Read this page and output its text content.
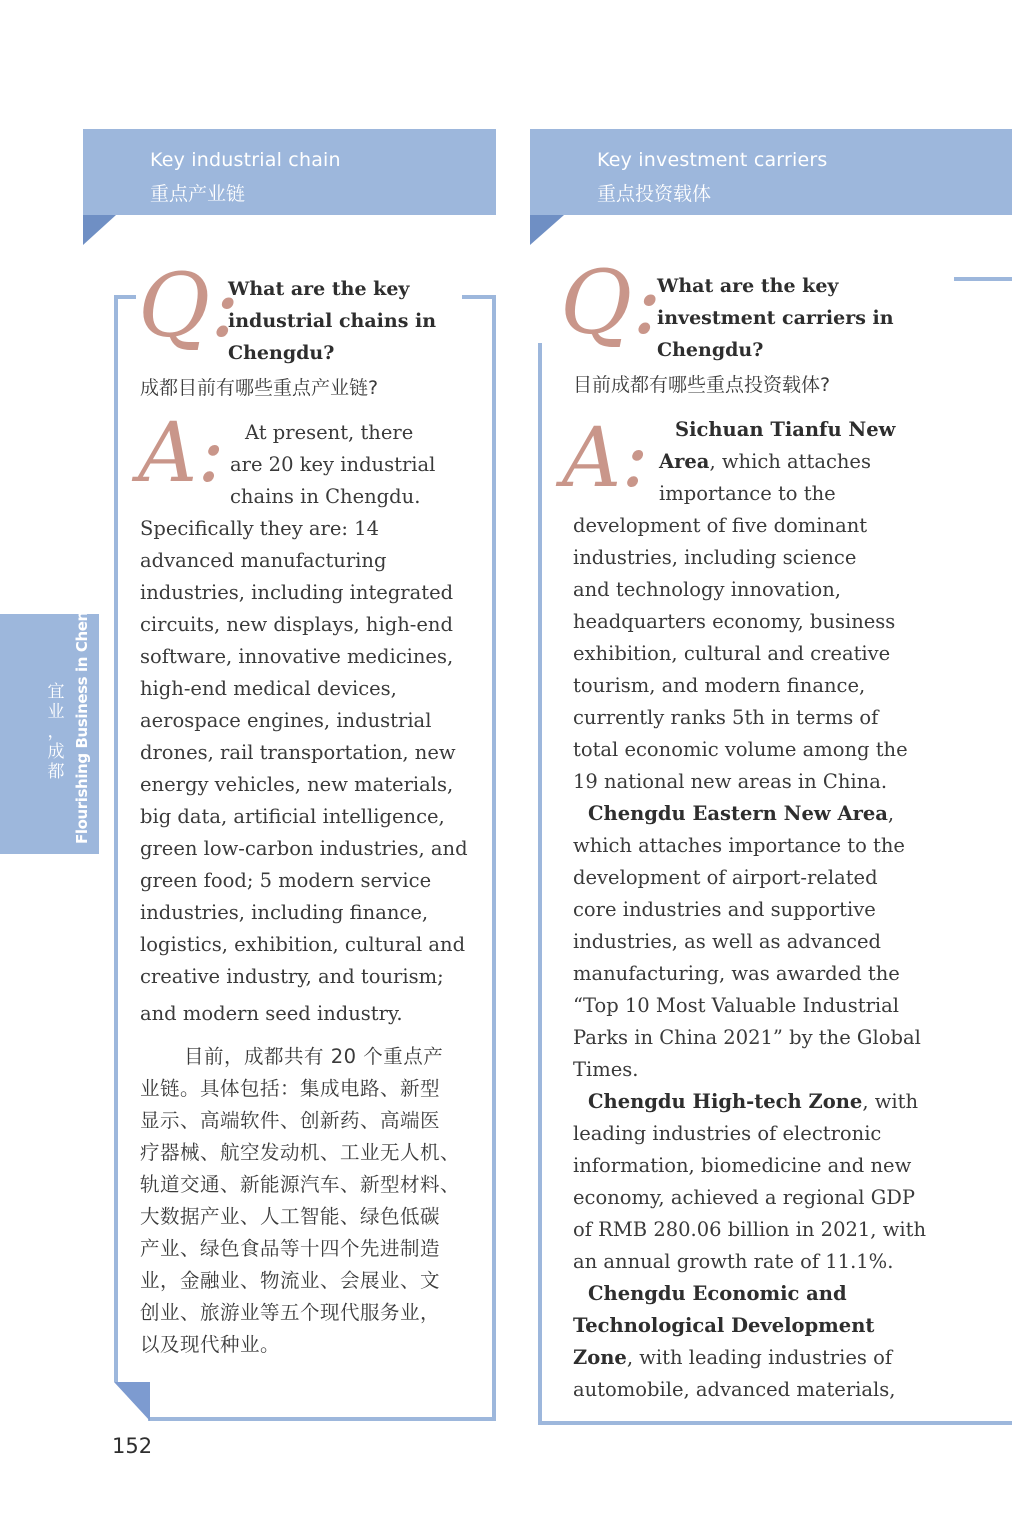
Key industrial chain
重点产业链
Key investment carriers
重点投资载体
宜
业
，
成
都 Flourishing Business in Chengdu
Q:
What are the key
industrial chains in
Chengdu?
成都目前有哪些重点产业链?
A: At present, there
are 20 key industrial
chains in Chengdu.
Specifically they are: 14
advanced manufacturing
industries, including integrated
circuits, new displays, high-end
software, innovative medicines,
high-end medical devices,
aerospace engines, industrial
drones, rail transportation, new
energy vehicles, new materials,
big data, artificial intelligence,
green low-carbon industries, and
green food; 5 modern service
industries, including finance,
logistics, exhibition, cultural and
creative industry, and tourism;
and modern seed industry.
目前，成都共有 20 个重点产
业链。具体包括：集成电路、新型
显示、高端软件、创新药、高端医
疗器械、航空发动机、工业无人机、
轨道交通、新能源汽车、新型材料、
大数据产业、人工智能、绿色低碳
产业、绿色食品等十四个先进制造
业，金融业、物流业、会展业、文
创业、旅游业等五个现代服务业，
以及现代种业。
Q:
What are the key
investment carriers in
Chengdu?
目前成都有哪些重点投资载体?
A: Sichuan Tianfu New
Area, which attaches
importance to the
development of five dominant
industries, including science
and technology innovation,
headquarters economy, business
exhibition, cultural and creative
tourism, and modern finance,
currently ranks 5th in terms of
total economic volume among the
19 national new areas in China.
Chengdu Eastern New Area,
which attaches importance to the
development of airport-related
core industries and supportive
industries, as well as advanced
manufacturing, was awarded the
“Top 10 Most Valuable Industrial
Parks in China 2021” by the Global
Times.
Chengdu High-tech Zone, with
leading industries of electronic
information, biomedicine and new
economy, achieved a regional GDP
of RMB 280.06 billion in 2021, with
an annual growth rate of 11.1%.
Chengdu Economic and
Technological Development
Zone, with leading industries of
automobile, advanced materials,
152
